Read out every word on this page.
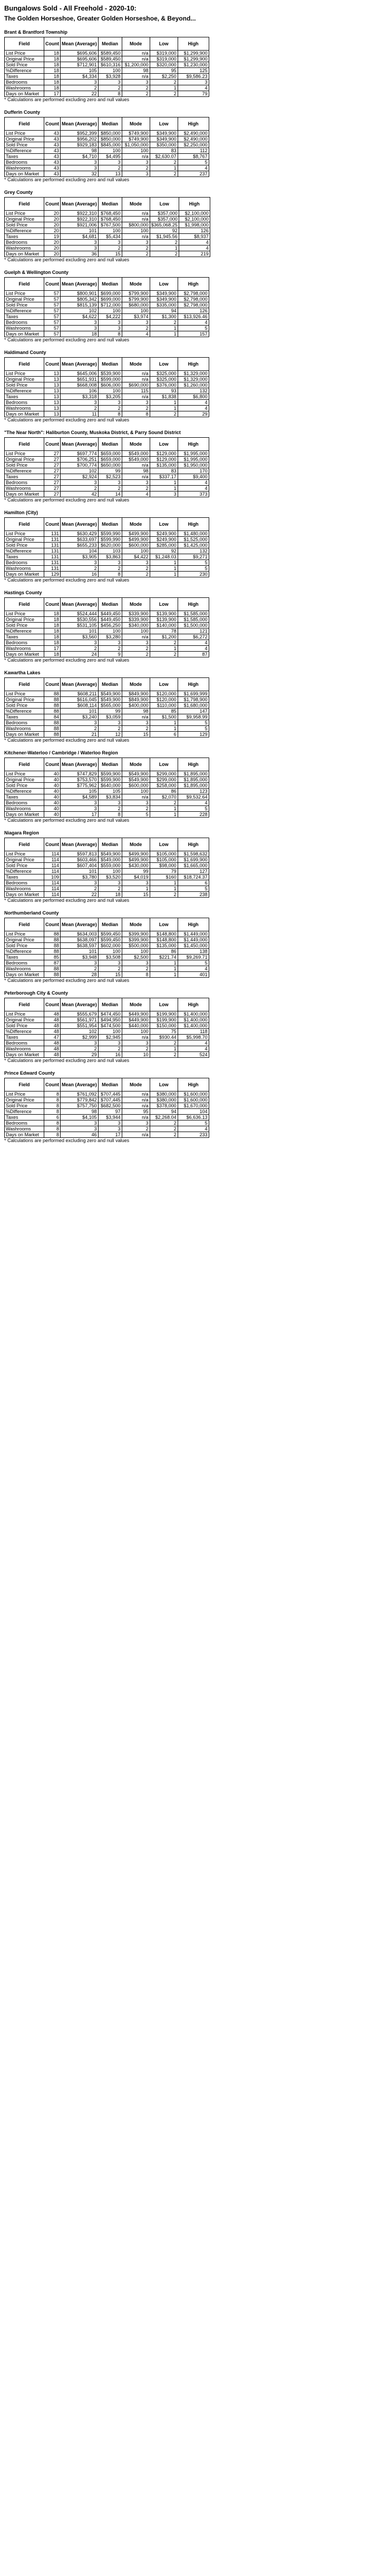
Bungalows Sold - All Freehold - 2020-10:
The Golden Horseshoe, Greater Golden Horseshoe, & Beyond...
Brant & Brantford Township
Field	Count	Mean (Average)	Median	Mode	Low	High
List Price	18	$695,606	$589,450	n/a	$319,000	$1,299,900
Original Price	18	$695,606	$589,450	n/a	$319,000	$1,299,900
Sold Price	18	$712,901	$610,316	$1,200,000	$320,000	$1,230,000
%Difference	18	105	100	98	95	125
Taxes	18	$4,334	$3,928	n/a	$2,250	$9,586.23
Bedrooms	18	3	3	3	2	3
Washrooms	18	2	2	2	1	4
Days on Market	17	22	8	2	2	79

* Calculations are performed excluding zero and null values

Dufferin County
Field	Count	Mean (Average)	Median	Mode	Low	High
List Price	43	$952,399	$850,000	$749,900	$349,900	$2,490,000
Original Price	43	$956,202	$850,000	$749,900	$349,900	$2,490,000
Sold Price	43	$929,183	$845,000	$1,050,000	$350,000	$2,250,000
%Difference	43	98	100	100	83	112
Taxes	43	$4,710	$4,495	n/a	$2,630.07	$8,767
Bedrooms	43	3	3	3	2	5
Washrooms	43	3	2	2	1	4
Days on Market	43	32	13	3	2	237

* Calculations are performed excluding zero and null values

Grey County
Field	Count	Mean (Average)	Median	Mode	Low	High
List Price	20	$922,310	$768,450	n/a	$357,000	$2,100,000
Original Price	20	$922,310	$768,450	n/a	$357,000	$2,100,000
Sold Price	20	$921,006	$767,500	$800,000	$365,068.25	$1,998,000
%Difference	20	101	100	100	92	126
Taxes	19	$4,681	$5,434	n/a	$1,945.56	$8,937
Bedrooms	20	3	3	3	2	4
Washrooms	20	3	2	2	1	4
Days on Market	20	36	15	2	2	219

* Calculations are performed excluding zero and null values

Guelph & Wellington County
Field	Count	Mean (Average)	Median	Mode	Low	High
List Price	57	$800,901	$699,000	$799,900	$349,900	$2,798,000
Original Price	57	$805,342	$699,000	$799,900	$349,900	$2,798,000
Sold Price	57	$815,139	$712,000	$680,000	$335,000	$2,798,000
%Difference	57	102	100	100	94	126
Taxes	57	$4,622	$4,222	$3,974	$1,300	$13,926.46
Bedrooms	57	3	3	3	2	4
Washrooms	57	3	3	2	1	5
Days on Market	57	18	8	4	1	157

* Calculations are performed excluding zero and null values

Haldimand County
Field	Count	Mean (Average)	Median	Mode	Low	High
List Price	13	$645,006	$539,900	n/a	$325,000	$1,329,000
Original Price	13	$651,931	$599,000	n/a	$325,000	$1,329,000
Sold Price	13	$668,008	$606,000	$690,000	$376,000	$1,260,000
%Difference	13	106	100	115	93	132
Taxes	13	$3,318	$3,205	n/a	$1,838	$6,800
Bedrooms	13	3	3	3	1	4
Washrooms	13	2	2	2	1	4
Days on Market	13	11	8	8	2	29

* Calculations are performed excluding zero and null values

"The Near North": Haliburton County, Muskoka District, & Parry Sound District
Field	Count	Mean (Average)	Median	Mode	Low	High
List Price	27	$697,774	$659,000	$549,000	$129,000	$1,995,000
Original Price	27	$706,251	$659,000	$549,000	$129,000	$1,995,000
Sold Price	27	$700,774	$650,000	n/a	$135,000	$1,950,000
%Difference	27	102	99	98	83	170
Taxes	27	$2,924	$2,523	n/a	$337.17	$9,400
Bedrooms	27	3	3	3	1	4
Washrooms	27	2	2	2	1	4
Days on Market	27	42	14	4	3	373

* Calculations are performed excluding zero and null values

Hamilton (City)
Field	Count	Mean (Average)	Median	Mode	Low	High
List Price	131	$630,429	$599,990	$499,900	$249,900	$1,480,000
Original Price	131	$633,697	$599,990	$499,900	$249,900	$1,525,000
Sold Price	131	$655,233	$620,000	$600,000	$285,000	$1,425,000
%Difference	131	104	103	100	92	132
Taxes	131	$3,905	$3,863	$4,422	$1,248.03	$9,271
Bedrooms	131	3	3	3	1	5
Washrooms	131	2	2	2	1	5
Days on Market	129	16	8	2	1	230

* Calculations are performed excluding zero and null values

Hastings County
Field	Count	Mean (Average)	Median	Mode	Low	High
List Price	18	$524,444	$449,450	$339,900	$139,900	$1,585,000
Original Price	18	$530,556	$449,450	$339,900	$139,900	$1,585,000
Sold Price	18	$531,105	$456,250	$340,000	$140,000	$1,500,000
%Difference	18	101	100	100	78	121
Taxes	18	$3,560	$3,280	n/a	$1,200	$6,272
Bedrooms	18	3	3	3	2	4
Washrooms	17	2	2	2	1	4
Days on Market	18	24	9	2	2	87

* Calculations are performed excluding zero and null values

Kawartha Lakes
Field	Count	Mean (Average)	Median	Mode	Low	High
List Price	88	$608,211	$549,900	$849,900	$120,000	$1,699,999
Original Price	88	$616,045	$549,900	$849,900	$120,000	$1,798,900
Sold Price	88	$608,114	$565,000	$400,000	$110,000	$1,680,000
%Difference	88	101	99	98	85	147
Taxes	84	$3,240	$3,059	n/a	$1,500	$9,958.99
Bedrooms	88	3	3	3	1	5
Washrooms	88	2	2	2	1	5
Days on Market	88	21	12	15	6	129

* Calculations are performed excluding zero and null values

Kitchener-Waterloo / Cambridge / Waterloo Region
Field	Count	Mean (Average)	Median	Mode	Low	High
List Price	40	$747,829	$599,900	$549,900	$299,000	$1,895,000
Original Price	40	$753,570	$599,900	$549,900	$299,000	$1,895,000
Sold Price	40	$775,962	$640,000	$600,000	$258,000	$1,895,000
%Difference	40	105	105	100	86	123
Taxes	40	$4,589	$3,834	n/a	$2,070	$9,532.64
Bedrooms	40	3	3	3	2	4
Washrooms	40	3	2	2	1	5
Days on Market	40	17	8	5	1	228

* Calculations are performed excluding zero and null values

Niagara Region
Field	Count	Mean (Average)	Median	Mode	Low	High
List Price	114	$597,813	$549,900	$499,900	$105,000	$1,598,632
Original Price	114	$603,466	$549,000	$499,900	$105,000	$1,699,900
Sold Price	114	$607,404	$559,000	$430,000	$98,000	$1,665,000
%Difference	114	101	100	99	79	127
Taxes	109	$3,780	$3,520	$4,019	$160	$18,724.37
Bedrooms	114	3	3	3	1	6
Washrooms	114	2	2	1	1	5
Days on Market	114	22	18	15	2	238

* Calculations are performed excluding zero and null values

Northumberland County
Field	Count	Mean (Average)	Median	Mode	Low	High
List Price	88	$634,003	$599,450	$399,900	$148,800	$1,449,000
Original Price	88	$638,097	$599,450	$399,900	$148,800	$1,449,000
Sold Price	88	$638,597	$602,000	$500,000	$135,000	$1,450,000
%Difference	88	101	100	100	86	138
Taxes	85	$3,948	$3,508	$2,500	$221.74	$9,269.71
Bedrooms	87	3	3	3	1	5
Washrooms	88	2	2	2	1	4
Days on Market	88	28	15	8	1	401

* Calculations are performed excluding zero and null values

Peterborough City & County
Field	Count	Mean (Average)	Median	Mode	Low	High
List Price	48	$555,679	$474,450	$449,900	$199,900	$1,400,000
Original Price	48	$561,971	$494,950	$449,900	$199,900	$1,400,000
Sold Price	48	$551,954	$474,500	$440,000	$150,000	$1,400,000
%Difference	48	102	100	100	75	118
Taxes	47	$2,999	$2,945	n/a	$930.44	$5,998.70
Bedrooms	48	3	3	3	2	4
Washrooms	48	2	2	2	1	4
Days on Market	48	29	16	10	2	524

* Calculations are performed excluding zero and null values

Prince Edward County
Field	Count	Mean (Average)	Median	Mode	Low	High
List Price	8	$761,092	$707,445	n/a	$380,000	$1,600,000
Original Price	8	$779,842	$707,445	n/a	$380,000	$1,600,000
Sold Price	8	$757,750	$682,500	n/a	$378,000	$1,670,000
%Difference	8	98	97	95	94	104
Taxes	6	$4,105	$3,944	n/a	$2,268.04	$6,636.13
Bedrooms	8	3	3	3	2	5
Washrooms	8	3	3	2	2	4
Days on Market	8	46	17	n/a	2	233

* Calculations are performed excluding zero and null values
